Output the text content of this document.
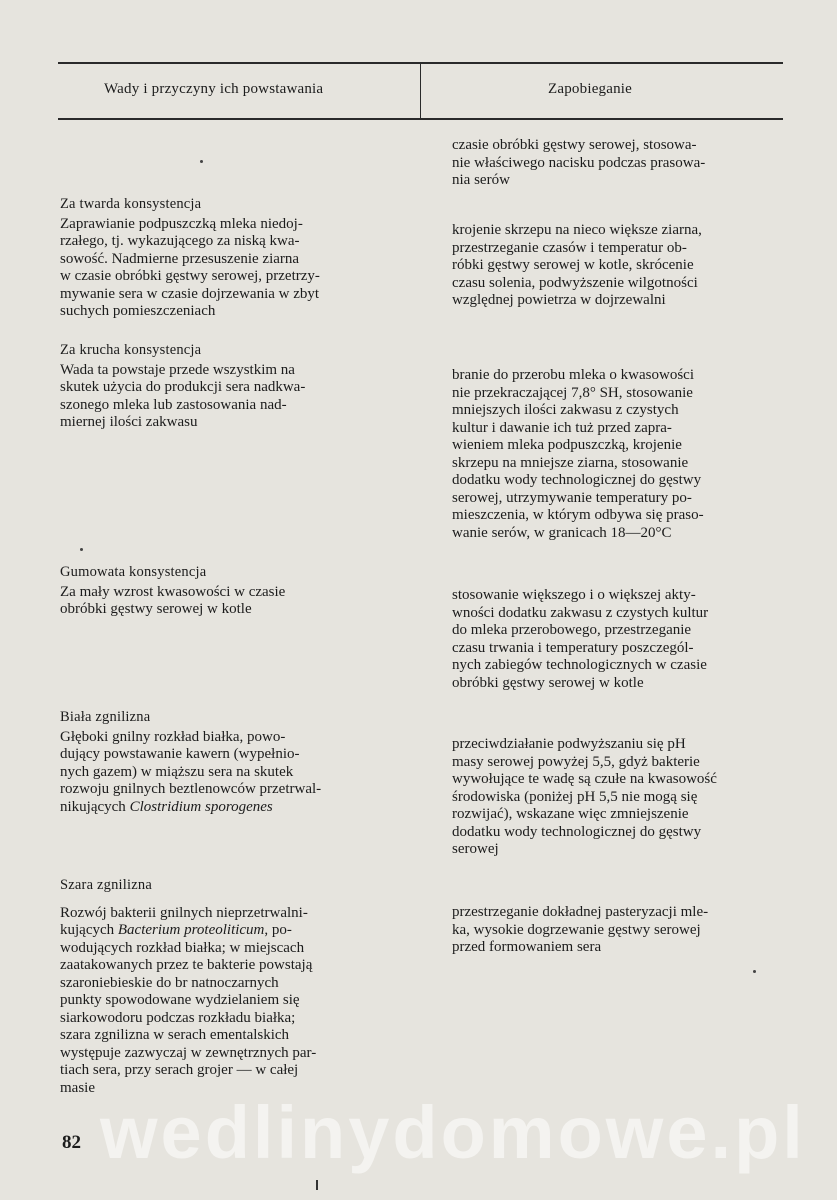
Wady i przyczyny ich powstawania	Zapobieganie
czasie obróbki gęstwy serowej, stosowa-
nie właściwego nacisku podczas prasowa-
nia serów
Za twarda konsystencja
Zaprawianie podpuszczką mleka niedoj-
rzałego, tj. wykazującego za niską kwa-
sowość. Nadmierne przesuszenie ziarna
w czasie obróbki gęstwy serowej, przetrzy-
mywanie sera w czasie dojrzewania w zbyt
suchych pomieszczeniach
krojenie skrzepu na nieco większe ziarna,
przestrzeganie czasów i temperatur ob-
róbki gęstwy serowej w kotle, skrócenie
czasu solenia, podwyższenie wilgotności
względnej powietrza w dojrzewalni
Za krucha konsystencja
Wada ta powstaje przede wszystkim na
skutek użycia do produkcji sera nadkwa-
szonego mleka lub zastosowania nad-
miernej ilości zakwasu
branie do przerobu mleka o kwasowości
nie przekraczającej 7,8° SH, stosowanie
mniejszych ilości zakwasu z czystych
kultur i dawanie ich tuż przed zapra-
wieniem mleka podpuszczką, krojenie
skrzepu na mniejsze ziarna, stosowanie
dodatku wody technologicznej do gęstwy
serowej, utrzymywanie temperatury po-
mieszczenia, w którym odbywa się praso-
wanie serów, w granicach 18—20°C
Gumowata konsystencja
Za mały wzrost kwasowości w czasie
obróbki gęstwy serowej w kotle
stosowanie większego i o większej akty-
wności dodatku zakwasu z czystych kultur
do mleka przerobowego, przestrzeganie
czasu trwania i temperatury poszczegól-
nych zabiegów technologicznych w czasie
obróbki gęstwy serowej w kotle
Biała zgnilizna
Głęboki gnilny rozkład białka, powo-
dujący powstawanie kawern (wypełnio-
nych gazem) w miąższu sera na skutek
rozwoju gnilnych beztlenowców przetrwal-
nikujących Clostridium sporogenes
przeciwdziałanie podwyższaniu się pH
masy serowej powyżej 5,5, gdyż bakterie
wywołujące te wadę są czułe na kwasowość
środowiska (poniżej pH 5,5 nie mogą się
rozwijać), wskazane więc zmniejszenie
dodatku wody technologicznej do gęstwy
serowej
Szara zgnilizna
Rozwój bakterii gnilnych nieprzetrwalni-
kujących Bacterium proteoliticum, po-
wodujących rozkład białka; w miejscach
zaatakowanych przez te bakterie powstają
szaroniebieskie do br natnoczarnych
punkty spowodowane wydzielaniem się
siarkowodoru podczas rozkładu białka;
szara zgnilizna w serach ementalskich
występuje zazwyczaj w zewnętrznych par-
tiach sera, przy serach grojer — w całej
masie
przestrzeganie dokładnej pasteryzacji mle-
ka, wysokie dogrzewanie gęstwy serowej
przed formowaniem sera
wedlinydomowe.pl
82
